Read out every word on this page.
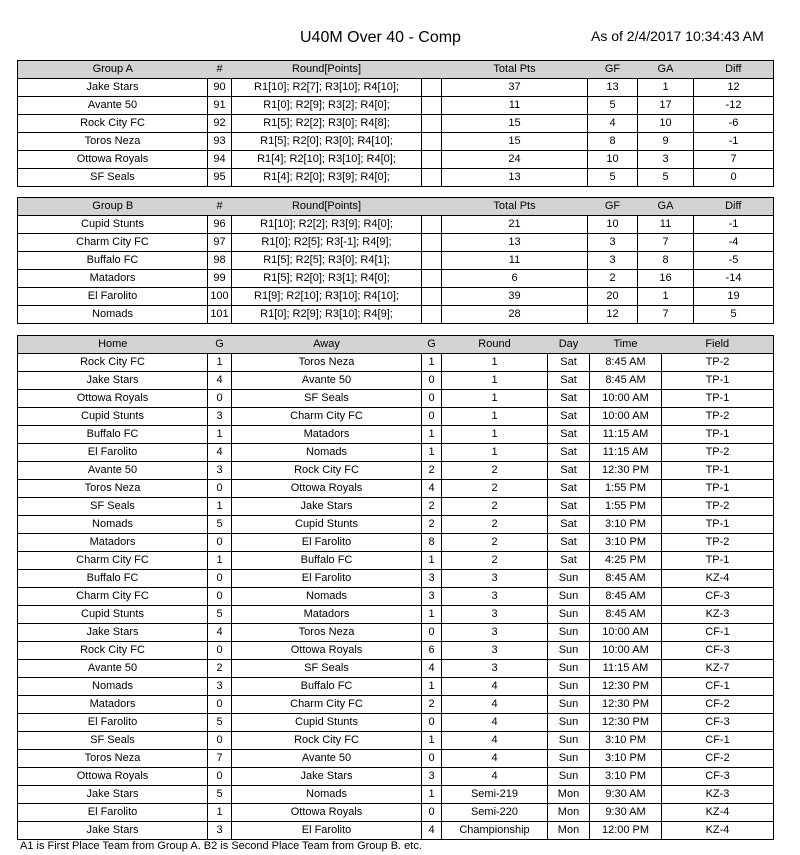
U40M Over 40 - Comp	As of 2/4/2017 10:34:43 AM
Group A	#	Round[Points]		Total Pts	GF	GA	Diff
Jake Stars	90	R1[10]; R2[7]; R3[10]; R4[10];		37	13	1	12
Avante 50	91	R1[0]; R2[9]; R3[2]; R4[0];		11	5	17	-12
Rock City FC	92	R1[5]; R2[2]; R3[0]; R4[8];		15	4	10	-6
Toros Neza	93	R1[5]; R2[0]; R3[0]; R4[10];		15	8	9	-1
Ottowa Royals	94	R1[4]; R2[10]; R3[10]; R4[0];		24	10	3	7
SF Seals	95	R1[4]; R2[0]; R3[9]; R4[0];		13	5	5	0
Group B	#	Round[Points]		Total Pts	GF	GA	Diff
Cupid Stunts	96	R1[10]; R2[2]; R3[9]; R4[0];		21	10	11	-1
Charm City FC	97	R1[0]; R2[5]; R3[-1]; R4[9];		13	3	7	-4
Buffalo FC	98	R1[5]; R2[5]; R3[0]; R4[1];		11	3	8	-5
Matadors	99	R1[5]; R2[0]; R3[1]; R4[0];		6	2	16	-14
El Farolito	100	R1[9]; R2[10]; R3[10]; R4[10];		39	20	1	19
Nomads	101	R1[0]; R2[9]; R3[10]; R4[9];		28	12	7	5
Home	G	Away	G	Round	Day	Time	Field
Rock City FC	1	Toros Neza	1	1	Sat	8:45 AM	TP-2
Jake Stars	4	Avante 50	0	1	Sat	8:45 AM	TP-1
Ottowa Royals	0	SF Seals	0	1	Sat	10:00 AM	TP-1
Cupid Stunts	3	Charm City FC	0	1	Sat	10:00 AM	TP-2
Buffalo FC	1	Matadors	1	1	Sat	11:15 AM	TP-1
El Farolito	4	Nomads	1	1	Sat	11:15 AM	TP-2
Avante 50	3	Rock City FC	2	2	Sat	12:30 PM	TP-1
Toros Neza	0	Ottowa Royals	4	2	Sat	1:55 PM	TP-1
SF Seals	1	Jake Stars	2	2	Sat	1:55 PM	TP-2
Nomads	5	Cupid Stunts	2	2	Sat	3:10 PM	TP-1
Matadors	0	El Farolito	8	2	Sat	3:10 PM	TP-2
Charm City FC	1	Buffalo FC	1	2	Sat	4:25 PM	TP-1
Buffalo FC	0	El Farolito	3	3	Sun	8:45 AM	KZ-4
Charm City FC	0	Nomads	3	3	Sun	8:45 AM	CF-3
Cupid Stunts	5	Matadors	1	3	Sun	8:45 AM	KZ-3
Jake Stars	4	Toros Neza	0	3	Sun	10:00 AM	CF-1
Rock City FC	0	Ottowa Royals	6	3	Sun	10:00 AM	CF-3
Avante 50	2	SF Seals	4	3	Sun	11:15 AM	KZ-7
Nomads	3	Buffalo FC	1	4	Sun	12:30 PM	CF-1
Matadors	0	Charm City FC	2	4	Sun	12:30 PM	CF-2
El Farolito	5	Cupid Stunts	0	4	Sun	12:30 PM	CF-3
SF Seals	0	Rock City FC	1	4	Sun	3:10 PM	CF-1
Toros Neza	7	Avante 50	0	4	Sun	3:10 PM	CF-2
Ottowa Royals	0	Jake Stars	3	4	Sun	3:10 PM	CF-3
Jake Stars	5	Nomads	1	Semi-219	Mon	9:30 AM	KZ-3
El Farolito	1	Ottowa Royals	0	Semi-220	Mon	9:30 AM	KZ-4
Jake Stars	3	El Farolito	4	Championship	Mon	12:00 PM	KZ-4
A1 is First Place Team from Group A. B2 is Second Place Team from Group B. etc.
